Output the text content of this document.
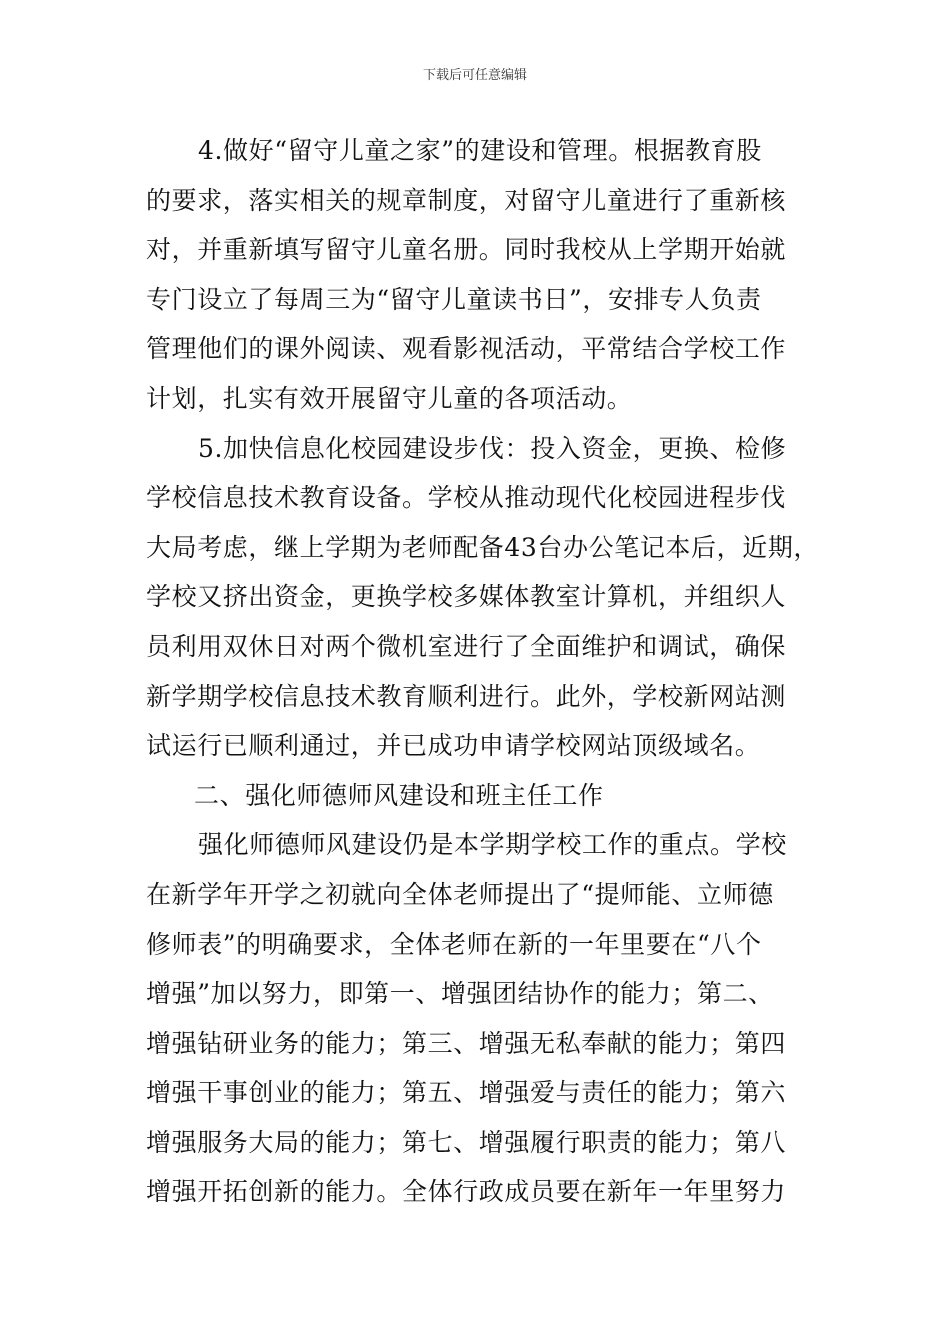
下载后可任意编辑
4.做好“留守儿童之家”的建设和管理。根据教育股
的要求，落实相关的规章制度，对留守儿童进行了重新核
对，并重新填写留守儿童名册。同时我校从上学期开始就
专门设立了每周三为“留守儿童读书日”，安排专人负责
管理他们的课外阅读、观看影视活动，平常结合学校工作
计划，扎实有效开展留守儿童的各项活动。
5.加快信息化校园建设步伐：投入资金，更换、检修
学校信息技术教育设备。学校从推动现代化校园进程步伐
大局考虑，继上学期为老师配备43台办公笔记本后，近期，
学校又挤出资金，更换学校多媒体教室计算机，并组织人
员利用双休日对两个微机室进行了全面维护和调试，确保
新学期学校信息技术教育顺利进行。此外，学校新网站测
试运行已顺利通过，并已成功申请学校网站顶级域名。
二、强化师德师风建设和班主任工作
强化师德师风建设仍是本学期学校工作的重点。学校
在新学年开学之初就向全体老师提出了“提师能、立师德
修师表”的明确要求，全体老师在新的一年里要在“八个
增强”加以努力，即第一、增强团结协作的能力；第二、
增强钻研业务的能力；第三、增强无私奉献的能力；第四
增强干事创业的能力；第五、增强爱与责任的能力；第六
增强服务大局的能力；第七、增强履行职责的能力；第八
增强开拓创新的能力。全体行政成员要在新年一年里努力
